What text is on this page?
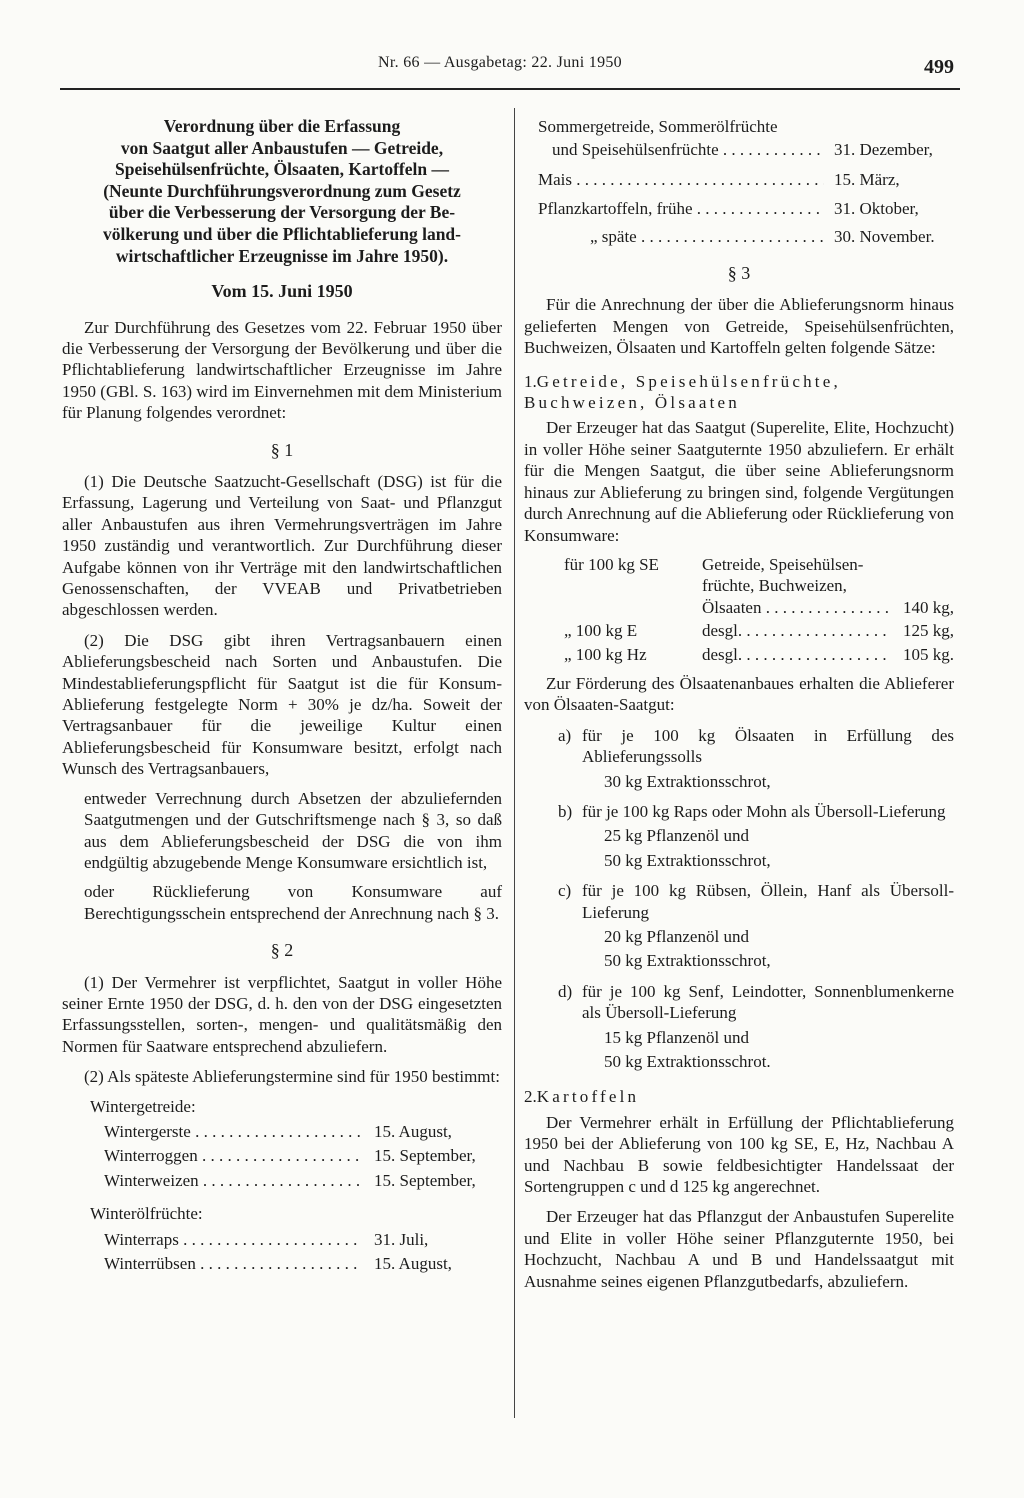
Nr. 66 — Ausgabetag: 22. Juni 1950	499

Verordnung über die Erfassung

von Saatgut aller Anbaustufen — Getreide,

Speisehülsenfrüchte, Ölsaaten, Kartoffeln —

(Neunte Durchführungsverordnung zum Gesetz

über die Verbesserung der Versorgung der Be-

völkerung und über die Pflichtablieferung land-

wirtschaftlicher Erzeugnisse im Jahre 1950).

Vom 15. Juni 1950

Zur Durchführung des Gesetzes vom 22. Februar 1950 über die Verbesserung der Versorgung der Bevölkerung und über die Pflichtablieferung landwirtschaftlicher Erzeugnisse im Jahre 1950 (GBl. S. 163) wird im Einvernehmen mit dem Ministerium für Planung folgendes verordnet:

§ 1

(1) Die Deutsche Saatzucht-Gesellschaft (DSG) ist für die Erfassung, Lagerung und Verteilung von Saat- und Pflanzgut aller Anbaustufen aus ihren Vermehrungsverträgen im Jahre 1950 zuständig und verantwortlich. Zur Durchführung dieser Aufgabe können von ihr Verträge mit den landwirtschaftlichen Genossenschaften, der VVEAB und Privatbetrieben abgeschlossen werden.

(2) Die DSG gibt ihren Vertragsanbauern einen Ablieferungsbescheid nach Sorten und Anbaustufen. Die Mindestablieferungspflicht für Saatgut ist die für Konsum-Ablieferung festgelegte Norm + 30% je dz/ha. Soweit der Vertragsanbauer für die jeweilige Kultur einen Ablieferungsbescheid für Konsumware besitzt, erfolgt nach Wunsch des Vertragsanbauers,

entweder Verrechnung durch Absetzen der abzuliefernden Saatgutmengen und der Gutschriftsmenge nach § 3, so daß aus dem Ablieferungsbescheid der DSG die von ihm endgültig abzugebende Menge Konsumware ersichtlich ist,

oder Rücklieferung von Konsumware auf Berechtigungsschein entsprechend der Anrechnung nach § 3.

§ 2

(1) Der Vermehrer ist verpflichtet, Saatgut in voller Höhe seiner Ernte 1950 der DSG, d. h. den von der DSG eingesetzten Erfassungsstellen, sorten-, mengen- und qualitätsmäßig den Normen für Saatware entsprechend abzuliefern.

(2) Als späteste Ablieferungstermine sind für 1950 bestimmt:

Wintergetreide:
Wintergerste . . .	15. August,
Winterroggen . . .	15. September,
Winterweizen . . .	15. September,
Winterölfrüchte:
Winterraps . . .	31. Juli,
Winterrübsen . . .	15. August,
Sommergetreide, Sommerölfrüchte
und Speisehülsenfrüchte . . .	31. Dezember,
Mais . . .	15. März,
Pflanzkartoffeln, frühe . . .	31. Oktober,
„ späte . . .	30. November.
§ 3

Für die Anrechnung der über die Ablieferungsnorm hinaus gelieferten Mengen von Getreide, Speisehülsenfrüchten, Buchweizen, Ölsaaten und Kartoffeln gelten folgende Sätze:

1.Getreide, Speisehülsenfrüchte, Buchweizen, Ölsaaten

Der Erzeuger hat das Saatgut (Superelite, Elite, Hochzucht) in voller Höhe seiner Saatguternte 1950 abzuliefern. Er erhält für die Mengen Saatgut, die über seine Ablieferungsnorm hinaus zur Ablieferung zu bringen sind, folgende Vergütungen durch Anrechnung auf die Ablieferung oder Rücklieferung von Konsumware:

für 100 kg SE	Getreide, Speisehülsen-
früchte, Buchweizen,
Ölsaaten . . .	140 kg,
„ 100 kg E	desgl. . . .	125 kg,
„ 100 kg Hz	desgl. . . .	105 kg.

Zur Förderung des Ölsaatenanbaues erhalten die Ablieferer von Ölsaaten-Saatgut:

a) für je 100 kg Ölsaaten in Erfüllung des Ablieferungssolls
30 kg Extraktionsschrot,
b) für je 100 kg Raps oder Mohn als Übersoll-Lieferung
25 kg Pflanzenöl und
50 kg Extraktionsschrot,
c) für je 100 kg Rübsen, Öllein, Hanf als Übersoll-Lieferung
20 kg Pflanzenöl und
50 kg Extraktionsschrot,
d) für je 100 kg Senf, Leindotter, Sonnenblumenkerne als Übersoll-Lieferung
15 kg Pflanzenöl und
50 kg Extraktionsschrot.
2.Kartoffeln

Der Vermehrer erhält in Erfüllung der Pflichtablieferung 1950 bei der Ablieferung von 100 kg SE, E, Hz, Nachbau A und Nachbau B sowie feldbesichtigter Handelssaat der Sortengruppen c und d 125 kg angerechnet.

Der Erzeuger hat das Pflanzgut der Anbaustufen Superelite und Elite in voller Höhe seiner Pflanzguternte 1950, bei Hochzucht, Nachbau A und B und Handelssaatgut mit Ausnahme seines eigenen Pflanzgutbedarfs, abzuliefern.
